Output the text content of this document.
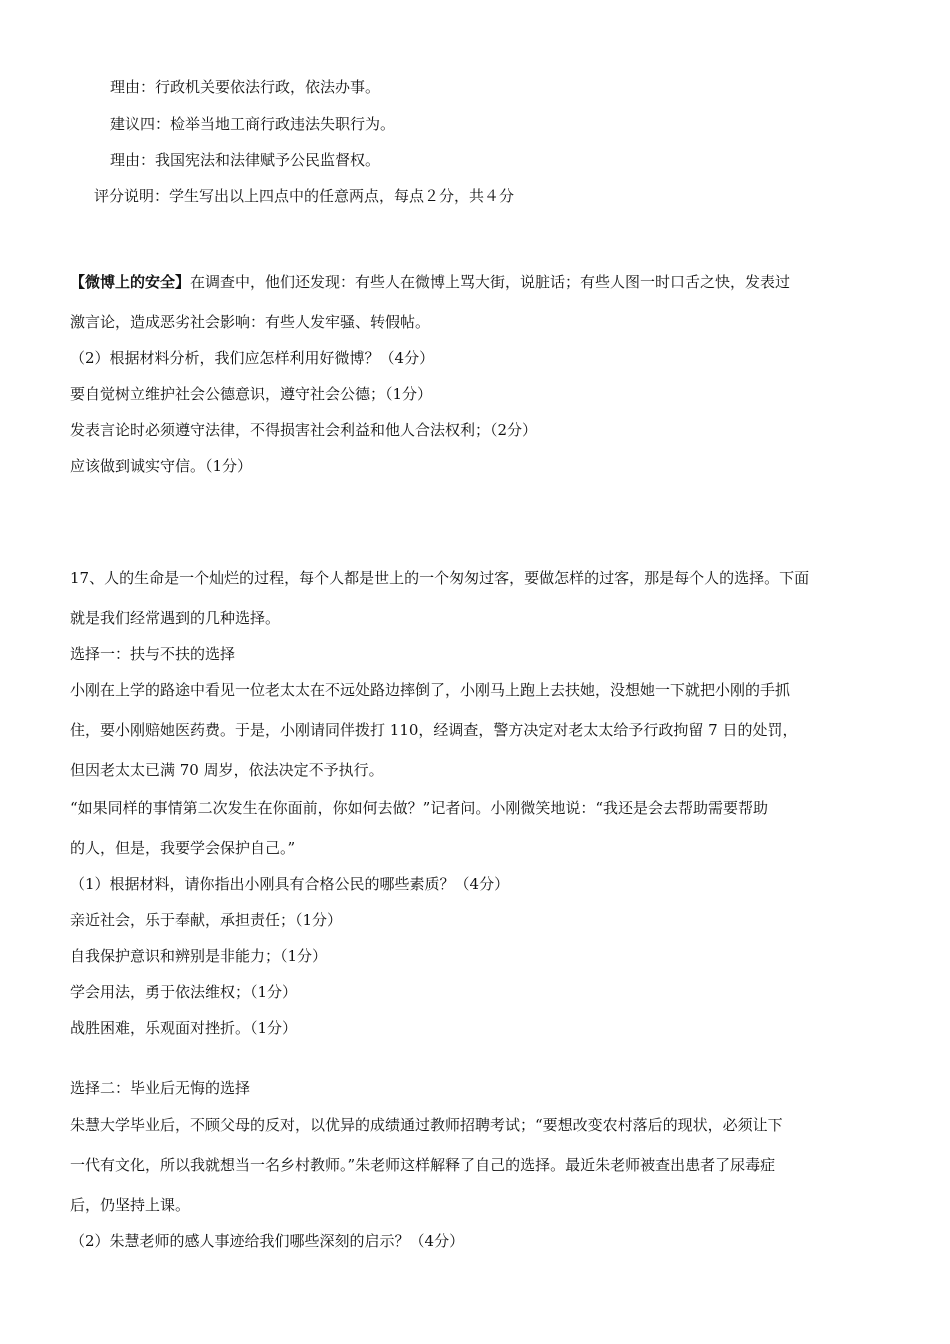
理由：行政机关要依法行政，依法办事。
建议四：检举当地工商行政违法失职行为。
理由：我国宪法和法律赋予公民监督权。
评分说明：学生写出以上四点中的任意两点，每点２分，共４分
【微博上的安全】在调查中，他们还发现：有些人在微博上骂大街，说脏话；有些人图一时口舌之快，发表过
激言论，造成恶劣社会影响：有些人发牢骚、转假帖。
（2）根据材料分析，我们应怎样利用好微博？（4分）
要自觉树立维护社会公德意识，遵守社会公德；（1分）
发表言论时必须遵守法律，不得损害社会利益和他人合法权利；（2分）
应该做到诚实守信。（1分）
17、人的生命是一个灿烂的过程，每个人都是世上的一个匆匆过客，要做怎样的过客，那是每个人的选择。下面
就是我们经常遇到的几种选择。
选择一：扶与不扶的选择
小刚在上学的路途中看见一位老太太在不远处路边摔倒了，小刚马上跑上去扶她，没想她一下就把小刚的手抓
住，要小刚赔她医药费。于是，小刚请同伴拨打 110，经调查，警方决定对老太太给予行政拘留 7 日的处罚，
但因老太太已满 70 周岁，依法决定不予执行。
“如果同样的事情第二次发生在你面前，你如何去做？”记者问。小刚微笑地说：“我还是会去帮助需要帮助
的人，但是，我要学会保护自己。”
（1）根据材料，请你指出小刚具有合格公民的哪些素质？（4分）
亲近社会，乐于奉献，承担责任；（1分）
自我保护意识和辨别是非能力；（1分）
学会用法，勇于依法维权；（1分）
战胜困难，乐观面对挫折。（1分）
选择二：毕业后无悔的选择
朱慧大学毕业后，不顾父母的反对，以优异的成绩通过教师招聘考试；“要想改变农村落后的现状，必须让下
一代有文化，所以我就想当一名乡村教师。”朱老师这样解释了自己的选择。最近朱老师被查出患者了尿毒症
后，仍坚持上课。
（2）朱慧老师的感人事迹给我们哪些深刻的启示？（4分）
